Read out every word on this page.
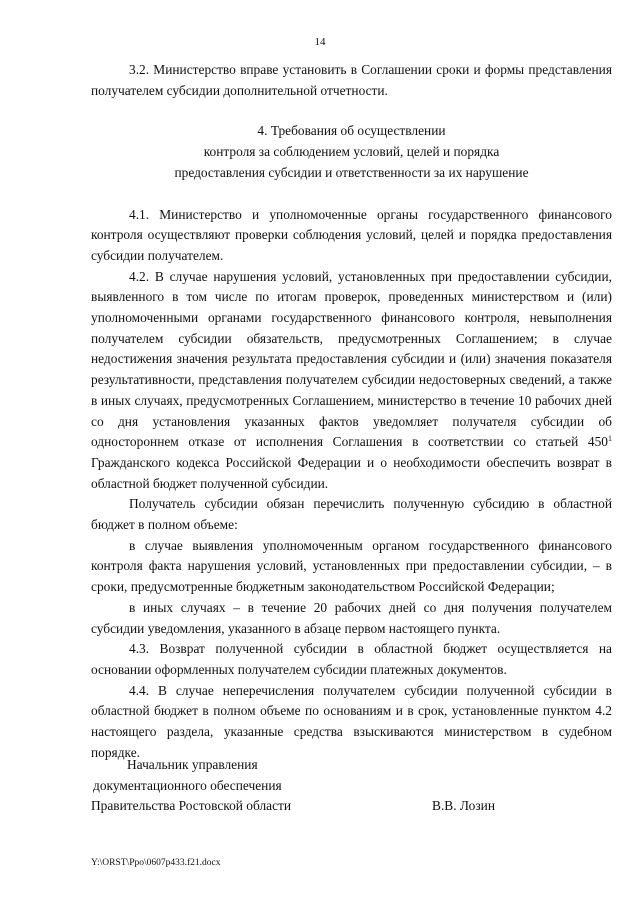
14

3.2. Министерство вправе установить в Соглашении сроки и формы представления получателем субсидии дополнительной отчетности.

4. Требования об осуществлении
контроля за соблюдением условий, целей и порядка
предоставления субсидии и ответственности за их нарушение

4.1. Министерство и уполномоченные органы государственного финансового контроля осуществляют проверки соблюдения условий, целей и порядка предоставления субсидии получателем.

4.2. В случае нарушения условий, установленных при предоставлении субсидии, выявленного в том числе по итогам проверок, проведенных министерством и (или) уполномоченными органами государственного финансового контроля, невыполнения получателем субсидии обязательств, предусмотренных Соглашением; в случае недостижения значения результата предоставления субсидии и (или) значения показателя результативности, представления получателем субсидии недостоверных сведений, а также в иных случаях, предусмотренных Соглашением, министерство в течение 10 рабочих дней со дня установления указанных фактов уведомляет получателя субсидии об одностороннем отказе от исполнения Соглашения в соответствии со статьей $450^1$ Гражданского кодекса Российской Федерации и о необходимости обеспечить возврат в областной бюджет полученной субсидии.

Получатель субсидии обязан перечислить полученную субсидию в областной бюджет в полном объеме:

в случае выявления уполномоченным органом государственного финансового контроля факта нарушения условий, установленных при предоставлении субсидии, – в сроки, предусмотренные бюджетным законодательством Российской Федерации;

в иных случаях – в течение 20 рабочих дней со дня получения получателем субсидии уведомления, указанного в абзаце первом настоящего пункта.

4.3. Возврат полученной субсидии в областной бюджет осуществляется на основании оформленных получателем субсидии платежных документов.

4.4. В случае неперечисления получателем субсидии полученной субсидии в областной бюджет в полном объеме по основаниям и в срок, установленные пунктом 4.2 настоящего раздела, указанные средства взыскиваются министерством в судебном порядке.

Начальник управления
документационного обеспечения
Правительства Ростовской области	В.В. Лозин
Y:\ORST\Ppo\0607p433.f21.docx
